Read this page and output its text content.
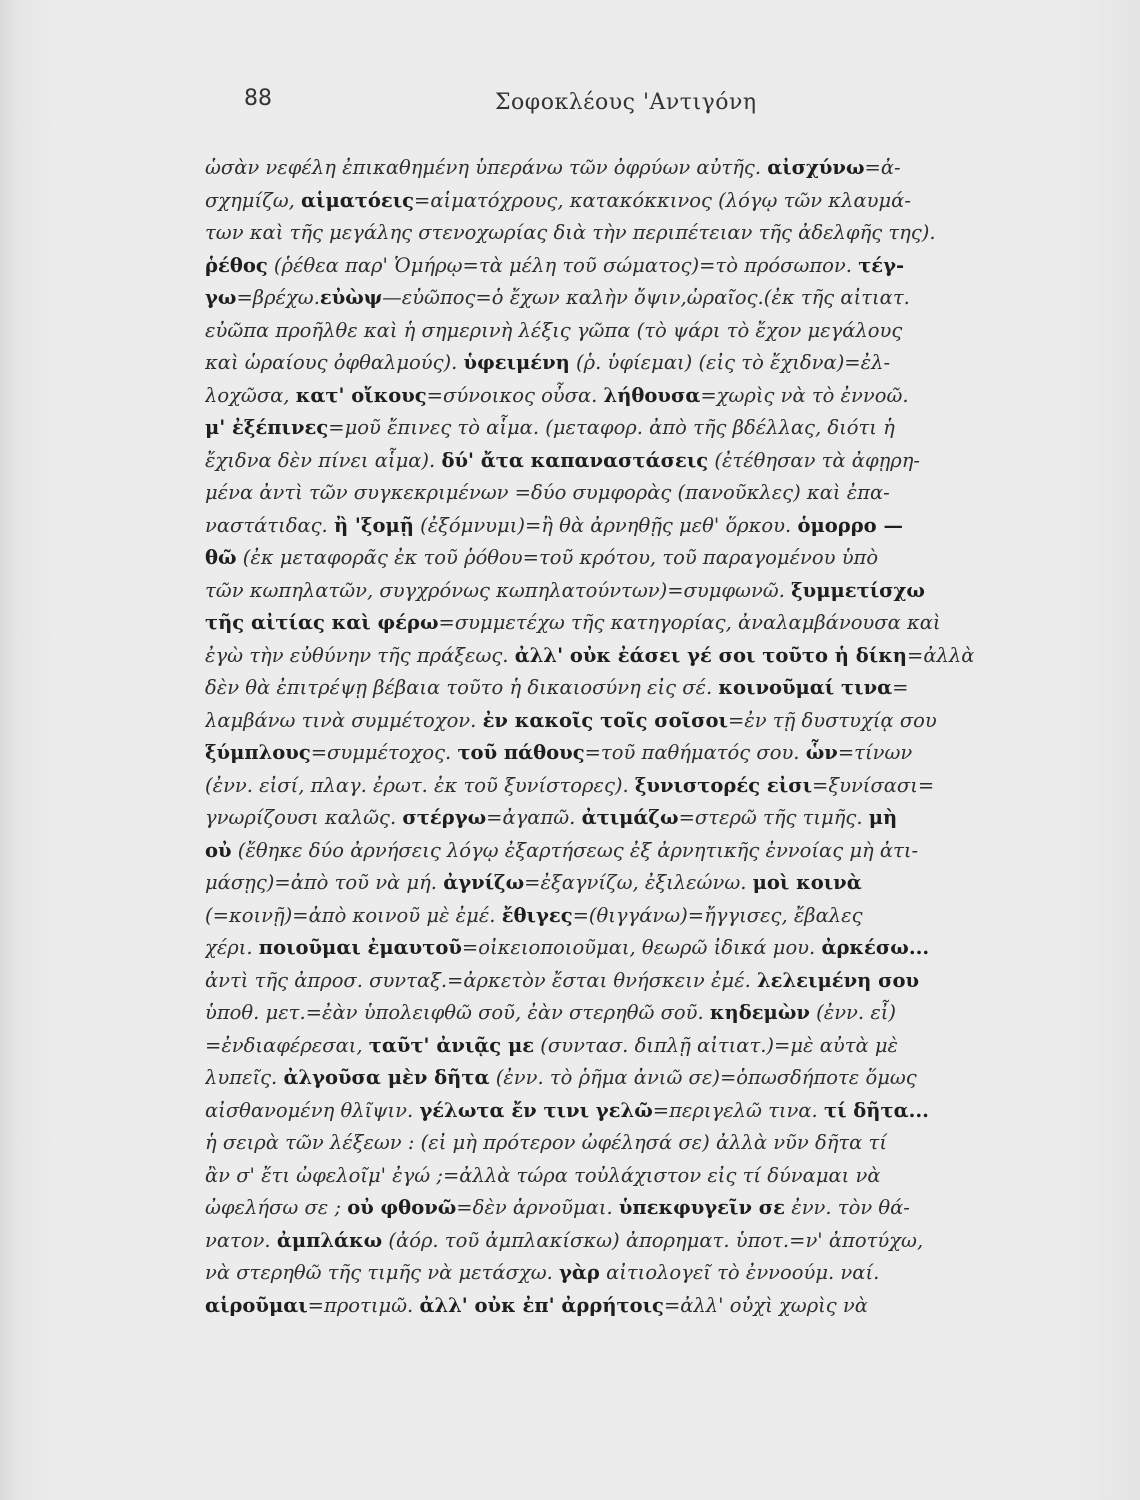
88	Σοφοκλέους 'Αντιγόνη
ὡσὰν νεφέλη ἐπικαθημένη ὑπεράνω τῶν ὀφρύων αὐτῆς. αἰσχύνω=ἀ-
σχημίζω, αἱματόεις=αἱματόχρους, κατακόκκινος (λόγῳ τῶν κλαυμά-
των καὶ τῆς μεγάλης στενοχωρίας διὰ τὴν περιπέτειαν τῆς ἀδελφῆς της).
ῥέθος (ῥέθεα παρ' Ὁμήρῳ=τὰ μέλη τοῦ σώματος)=τὸ πρόσωπον. τέγ-
γω=βρέχω.εὐὼψ—εὐῶπος=ὁ ἔχων καλὴν ὄψιν,ὡραῖος.(ἐκ τῆς αἰτιατ.
εὐῶπα προῆλθε καὶ ἡ σημερινὴ λέξις γῶπα (τὸ ψάρι τὸ ἔχον μεγάλους
καὶ ὡραίους ὀφθαλμούς). ὑφειμένη (ῥ. ὑφίεμαι) (εἰς τὸ ἔχιδνα)=ἐλ-
λοχῶσα, κατ' οἴκους=σύνοικος οὖσα. λήθουσα=χωρὶς νὰ τὸ ἐννοῶ.
μ' ἐξέπινες=μοῦ ἔπινες τὸ αἷμα. (μεταφορ. ἀπὸ τῆς βδέλλας, διότι ἡ
ἔχιδνα δὲν πίνει αἷμα). δύ' ἄτα καπαναστάσεις (ἐτέθησαν τὰ ἀφῃρη-
μένα ἀντὶ τῶν συγκεκριμένων =δύο συμφορὰς (πανοῦκλες) καὶ ἐπα-
ναστάτιδας. ἢ 'ξομῇ (ἐξόμνυμι)=ἢ θὰ ἀρνηθῇς μεθ' ὅρκου. ὁμορρο —
θῶ (ἐκ μεταφορᾶς ἐκ τοῦ ῥόθου=τοῦ κρότου, τοῦ παραγομένου ὑπὸ
τῶν κωπηλατῶν, συγχρόνως κωπηλατούντων)=συμφωνῶ. ξυμμετίσχω
τῆς αἰτίας καὶ φέρω=συμμετέχω τῆς κατηγορίας, ἀναλαμβάνουσα καὶ
ἐγὼ τὴν εὐθύνην τῆς πράξεως. ἀλλ' οὐκ ἐάσει γέ σοι τοῦτο ἡ δίκη=ἀλλὰ
δὲν θὰ ἐπιτρέψῃ βέβαια τοῦτο ἡ δικαιοσύνη εἰς σέ. κοινοῦμαί τινα=
λαμβάνω τινὰ συμμέτοχον. ἐν κακοῖς τοῖς σοῖσοι=ἐν τῇ δυστυχίᾳ σου
ξύμπλους=συμμέτοχος. τοῦ πάθους=τοῦ παθήματός σου. ὧν=τίνων
(ἐνν. εἰσί, πλαγ. ἐρωτ. ἐκ τοῦ ξυνίστορες). ξυνιστορές εἰσι=ξυνίσασι=
γνωρίζουσι καλῶς. στέργω=ἀγαπῶ. ἀτιμάζω=στερῶ τῆς τιμῆς. μὴ
οὐ (ἔθηκε δύο ἀρνήσεις λόγῳ ἐξαρτήσεως ἐξ ἀρνητικῆς ἐννοίας μὴ ἀτι-
μάσῃς)=ἀπὸ τοῦ νὰ μή. ἀγνίζω=ἐξαγνίζω, ἐξιλεώνω. μοὶ κοινὰ
(=κοινῇ)=ἀπὸ κοινοῦ μὲ ἐμέ. ἔθιγες=(θιγγάνω)=ἤγγισες, ἔβαλες
χέρι. ποιοῦμαι ἐμαυτοῦ=οἰκειοποιοῦμαι, θεωρῶ ἰδικά μου. ἀρκέσω...
ἀντὶ τῆς ἀπροσ. συνταξ.=ἀρκετὸν ἔσται θνήσκειν ἐμέ. λελειμένη σου
ὑποθ. μετ.=ἐὰν ὑπολειφθῶ σοῦ, ἐὰν στερηθῶ σοῦ. κηδεμὼν (ἐνν. εἶ)
=ἐνδιαφέρεσαι, ταῦτ' ἀνιᾷς με (συντασ. διπλῇ αἰτιατ.)=μὲ αὐτὰ μὲ
λυπεῖς. ἀλγοῦσα μὲν δῆτα (ἐνν. τὸ ῥῆμα ἀνιῶ σε)=ὁπωσδήποτε ὅμως
αἰσθανομένη θλῖψιν. γέλωτα ἔν τινι γελῶ=περιγελῶ τινα. τί δῆτα...
ἡ σειρὰ τῶν λέξεων : (εἰ μὴ πρότερον ὠφέλησά σε) ἀλλὰ νῦν δῆτα τί
ἂν σ' ἔτι ὠφελοῖμ' ἐγώ ;=ἀλλὰ τώρα τοὐλάχιστον εἰς τί δύναμαι νὰ
ὠφελήσω σε ; οὐ φθονῶ=δὲν ἀρνοῦμαι. ὑπεκφυγεῖν σε ἐνν. τὸν θά-
νατον. ἀμπλάκω (ἀόρ. τοῦ ἀμπλακίσκω) ἀπορηματ. ὑποτ.=ν' ἀποτύχω,
νὰ στερηθῶ τῆς τιμῆς νὰ μετάσχω. γὰρ αἰτιολογεῖ τὸ ἐννοούμ. ναί.
αἱροῦμαι=προτιμῶ. ἀλλ' οὐκ ἐπ' ἀρρήτοις=ἀλλ' οὐχὶ χωρὶς νὰ
